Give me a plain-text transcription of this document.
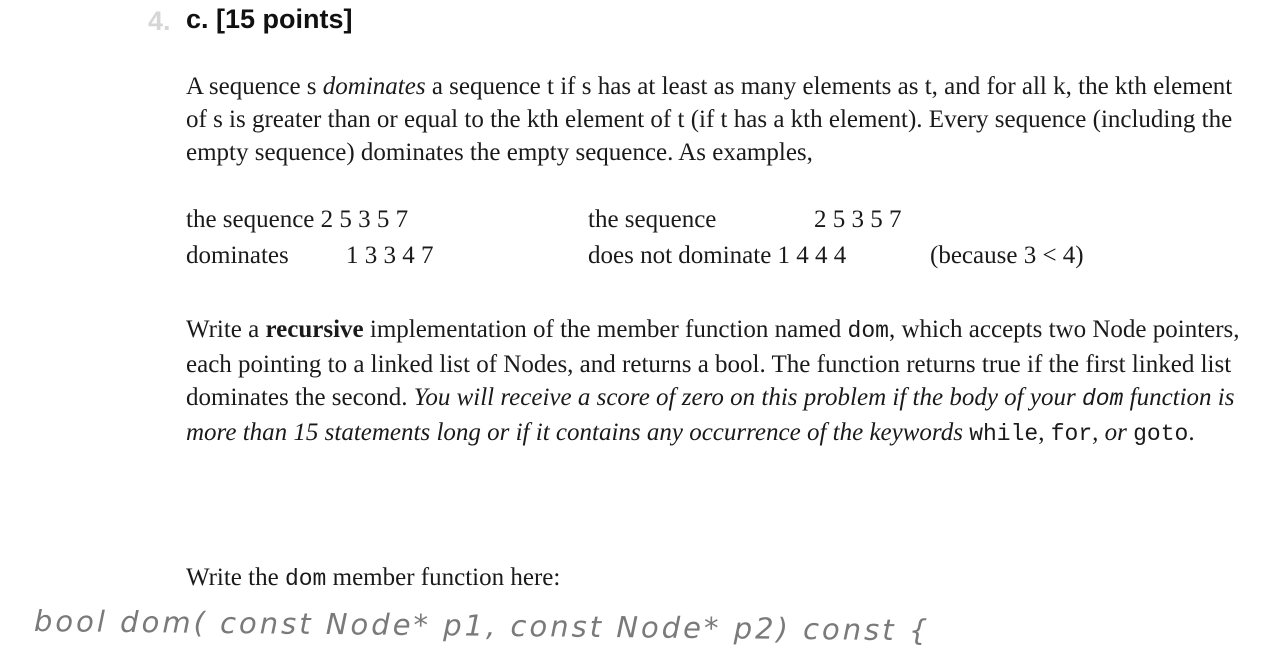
4. c. [15 points]

A sequence s dominates a sequence t if s has at least as many elements as t, and for all k, the kth element of s is greater than or equal to the kth element of t (if t has a kth element). Every sequence (including the empty sequence) dominates the empty sequence. As examples,

the sequence 2 5 3 5 7
dominates 1 3 3 4 7
the sequence	2 5 3 5 7
does not dominate 1 4 4 4	(because 3 < 4)

Write a recursive implementation of the member function named dom, which accepts two Node pointers, each pointing to a linked list of Nodes, and returns a bool. The function returns true if the first linked list dominates the second. You will receive a score of zero on this problem if the body of your dom function is more than 15 statements long or if it contains any occurrence of the keywords while, for, or goto.

Write the dom member function here:

bool dom( const Node* p1, const Node* p2) const {
